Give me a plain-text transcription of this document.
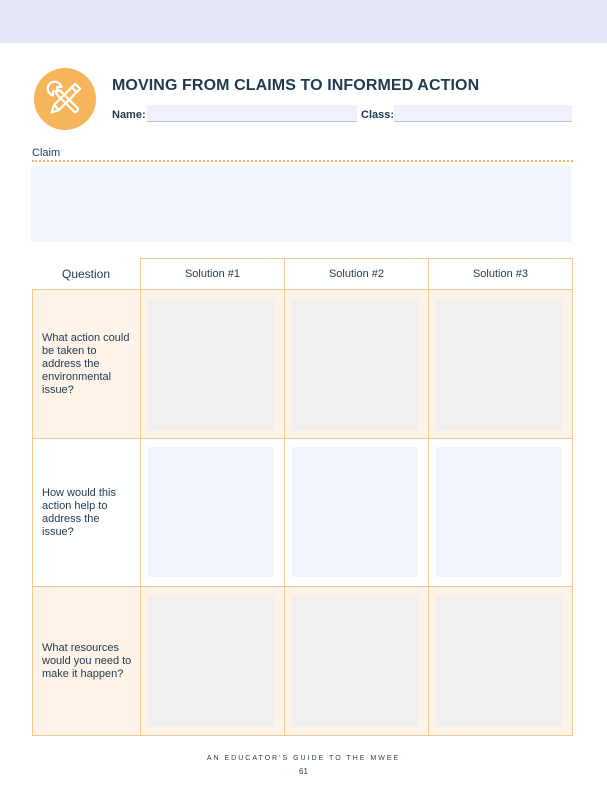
MOVING FROM CLAIMS TO INFORMED ACTION
Name:	Class:
Claim
Question	Solution #1	Solution #2	Solution #3
What action could be taken to address the environmental issue?
How would this action help to address the issue?
What resources would you need to make it happen?
AN EDUCATOR'S GUIDE TO THE MWEE
61
